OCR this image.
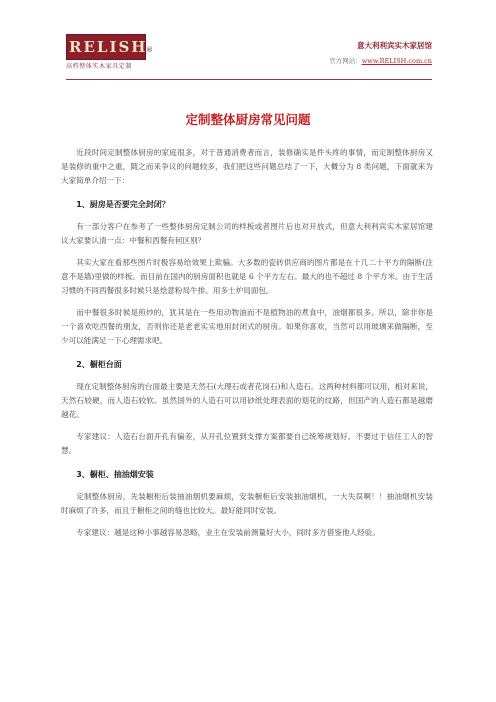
RELISH
®
高档整体实木家具定制
意大利利宾实木家居馆
官方网站：www.RELISH.com.cn
定制整体厨房常见问题

近段时间定制整体厨房的家庭很多，对于普通消费者而言，装修确实是件头疼的事情，而定制整体厨房又是装修的重中之重，随之而来争议的问题较多，我们把这些问题总结了一下，大概分为 8 类问题，下面就来为大家简单介绍一下：

1、厨房是否要完全封闭？

有一部分客户在参考了一些整体厨房定制公司的样板或者图片后也对开放式，但意大利利宾实木家居馆建议大家要认清一点：中餐和西餐有何区别？

其实大家在看那些图片时极容易给效果上欺骗。大多数的瓷砖供应商的图片都是在十几二十平方的隔断(注意不是墙)里做的样板。而目前在国内的厨房面积也就是 6 个平方左右。最大的也不超过 8 个平方米。由于生活习惯的不同西餐很多时候只是烩意粉局牛排、用多士炉局面包。

而中餐很多时候是煎炒的，犹其是在一些用动物油而不是植物油的煮食中，油烟都很多。所以，除非你是一个喜欢吃西餐的朋友，否则你还是老老实实地用封闭式的厨房。如果你喜欢，当然可以用玻璃来做隔断，至少可以能满足一下心理需求吧。

2、橱柜台面

现在定制整体厨房的台面最主要是天然石(大理石或者花岗石)和人造石。这两种材料都可以用，相对来说，天然石较硬，而人造石较软。虽然国外的人造石可以用砂纸处理表面的划花的纹路，但国产的人造石都是越磨越花。

专家建议：人造石台面开孔有偏差，从开孔位置到支撑方案都要自己统筹规划好。不要过于信任工人的智慧。

3、橱柜、抽油烟安装

定制整体厨房，先装橱柜后装抽油烟机要麻烦，安装橱柜后安装抽油烟机，一大失误啊！！抽油烟机安装时麻烦了许多，而且于橱柜之间的缝也比较大。最好能同时安装。

专家建议：越是这种小事越容易忽略，业主在安装前测量好大小，同时多方借鉴他人经验。
